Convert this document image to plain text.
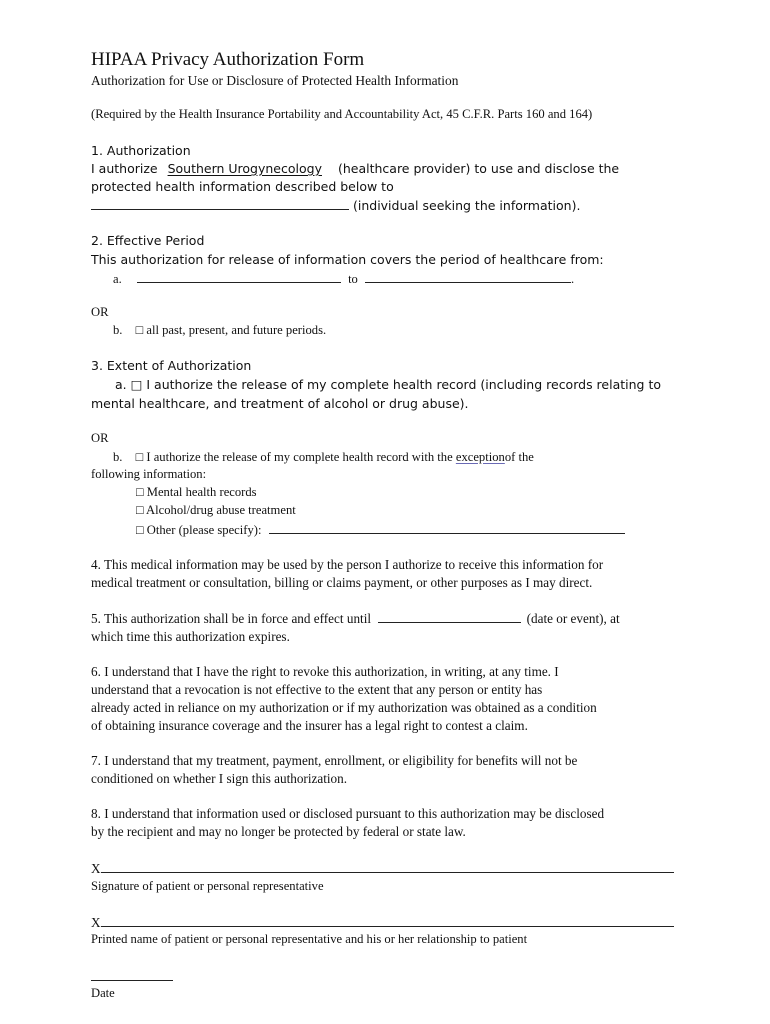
HIPAA Privacy Authorization Form
Authorization for Use or Disclosure of Protected Health Information
(Required by the Health Insurance Portability and Accountability Act, 45 C.F.R. Parts 160 and 164)
1. Authorization
I authorize Southern Urogynecology (healthcare provider) to use and disclose the
protected health information described below to
(individual seeking the information).
2. Effective Period
This authorization for release of information covers the period of healthcare from:
a.	to	.
OR
b. □ all past, present, and future periods.
3. Extent of Authorization
a. □ I authorize the release of my complete health record (including records relating to
mental healthcare, and treatment of alcohol or drug abuse).
OR
b. □ I authorize the release of my complete health record with the exceptionof the
following information:
□ Mental health records
□ Alcohol/drug abuse treatment
□ Other (please specify):
4. This medical information may be used by the person I authorize to receive this information for
medical treatment or consultation, billing or claims payment, or other purposes as I may direct.
5. This authorization shall be in force and effect until	(date or event), at
which time this authorization expires.
6. I understand that I have the right to revoke this authorization, in writing, at any time. I
understand that a revocation is not effective to the extent that any person or entity has
already acted in reliance on my authorization or if my authorization was obtained as a condition
of obtaining insurance coverage and the insurer has a legal right to contest a claim.
7. I understand that my treatment, payment, enrollment, or eligibility for benefits will not be
conditioned on whether I sign this authorization.
8. I understand that information used or disclosed pursuant to this authorization may be disclosed
by the recipient and may no longer be protected by federal or state law.
X
Signature of patient or personal representative
X
Printed name of patient or personal representative and his or her relationship to patient
Date
